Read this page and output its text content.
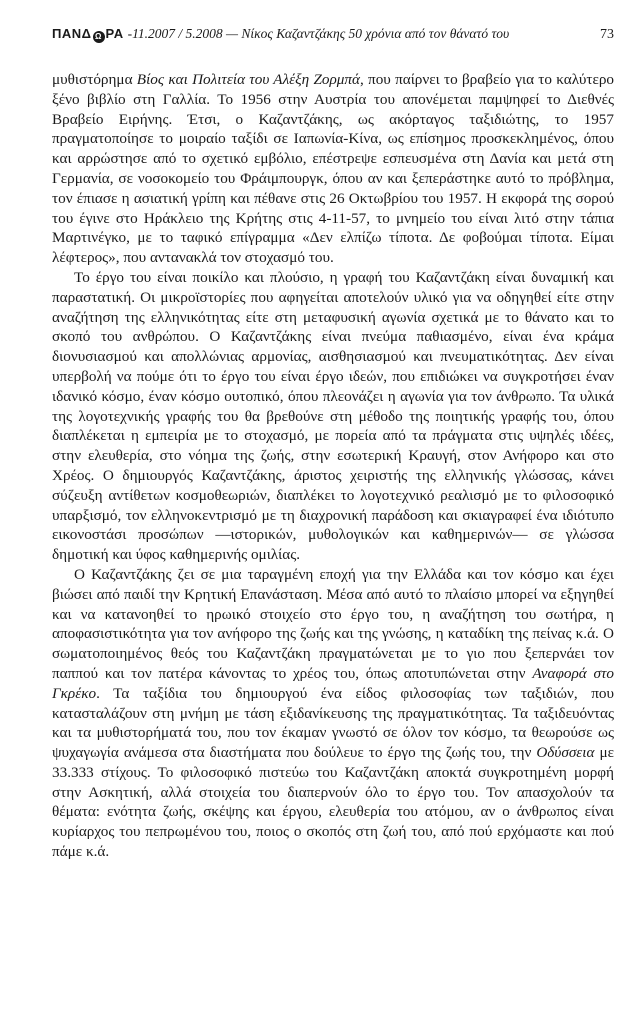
ΠΑΝΔ Ω ΡΑ -11.2007 / 5.2008 — Νίκος Καζαντζάκης 50 χρόνια από τον θάνατό του	73

μυθιστόρημα Βίος και Πολιτεία του Αλέξη Ζορμπά, που παίρνει το βραβείο για το καλύτερο ξένο βιβλίο στη Γαλλία. Το 1956 στην Αυστρία του απονέμεται παμψηφεί το Διεθνές Βραβείο Ειρήνης. Έτσι, ο Καζαντζάκης, ως ακόρταγος ταξιδιώτης, το 1957 πραγματοποίησε το μοιραίο ταξίδι σε Ιαπωνία-Κίνα, ως επίσημος προσκεκλημένος, όπου και αρρώστησε από το σχετικό εμβόλιο, επέστρεψε εσπευσμένα στη Δανία και μετά στη Γερμανία, σε νοσοκομείο του Φράιμπουργκ, όπου αν και ξεπεράστηκε αυτό το πρόβλημα, τον έπιασε η ασιατική γρίπη και πέθανε στις 26 Οκτωβρίου του 1957. Η εκφορά της σορού του έγινε στο Ηράκλειο της Κρήτης στις 4-11-57, το μνημείο του είναι λιτό στην τάπια Μαρτινέγκο, με το ταφικό επίγραμμα «Δεν ελπίζω τίποτα. Δε φοβούμαι τίποτα. Είμαι λέφτερος», που αντανακλά τον στοχασμό του.

Το έργο του είναι ποικίλο και πλούσιο, η γραφή του Καζαντζάκη είναι δυναμική και παραστατική. Οι μικροϊστορίες που αφηγείται αποτελούν υλικό για να οδηγηθεί είτε στην αναζήτηση της ελληνικότητας είτε στη μεταφυσική αγωνία σχετικά με το θάνατο και το σκοπό του ανθρώπου. Ο Καζαντζάκης είναι πνεύμα παθιασμένο, είναι ένα κράμα διονυσιασμού και απολλώνιας αρμονίας, αισθησιασμού και πνευματικότητας. Δεν είναι υπερβολή να πούμε ότι το έργο του είναι έργο ιδεών, που επιδιώκει να συγκροτήσει έναν ιδανικό κόσμο, έναν κόσμο ουτοπικό, όπου πλεονάζει η αγωνία για τον άνθρωπο. Τα υλικά της λογοτεχνικής γραφής του θα βρεθούνε στη μέθοδο της ποιητικής γραφής του, όπου διαπλέκεται η εμπειρία με το στοχασμό, με πορεία από τα πράγματα στις υψηλές ιδέες, στην ελευθερία, στο νόημα της ζωής, στην εσωτερική Κραυγή, στον Ανήφορο και στο Χρέος. Ο δημιουργός Καζαντζάκης, άριστος χειριστής της ελληνικής γλώσσας, κάνει σύζευξη αντίθετων κοσμοθεωριών, διαπλέκει το λογοτεχνικό ρεαλισμό με το φιλοσοφικό υπαρξισμό, τον ελληνοκεντρισμό με τη διαχρονική παράδοση και σκιαγραφεί ένα ιδιότυπο εικονοστάσι προσώπων —ιστορικών, μυθολογικών και καθημερινών— σε γλώσσα δημοτική και ύφος καθημερινής ομιλίας.

Ο Καζαντζάκης ζει σε μια ταραγμένη εποχή για την Ελλάδα και τον κόσμο και έχει βιώσει από παιδί την Κρητική Επανάσταση. Μέσα από αυτό το πλαίσιο μπορεί να εξηγηθεί και να κατανοηθεί το ηρωικό στοιχείο στο έργο του, η αναζήτηση του σωτήρα, η αποφασιστικότητα για τον ανήφορο της ζωής και της γνώσης, η καταδίκη της πείνας κ.ά. Ο σωματοποιημένος θεός του Καζαντζάκη πραγματώνεται με το γιο που ξεπερνάει τον παππού και τον πατέρα κάνοντας το χρέος του, όπως αποτυπώνεται στην Αναφορά στο Γκρέκο. Τα ταξίδια του δημιουργού ένα είδος φιλοσοφίας των ταξιδιών, που κατασταλάζουν στη μνήμη με τάση εξιδανίκευσης της πραγματικότητας. Τα ταξιδευόντας και τα μυθιστορήματά του, που τον έκαμαν γνωστό σε όλον τον κόσμο, τα θεωρούσε ως ψυχαγωγία ανάμεσα στα διαστήματα που δούλευε το έργο της ζωής του, την Οδύσσεια με 33.333 στίχους. Το φιλοσοφικό πιστεύω του Καζαντζάκη αποκτά συγκροτημένη μορφή στην Ασκητική, αλλά στοιχεία του διαπερνούν όλο το έργο του. Τον απασχολούν τα θέματα: ενότητα ζωής, σκέψης και έργου, ελευθερία του ατόμου, αν ο άνθρωπος είναι κυρίαρχος του πεπρωμένου του, ποιος ο σκοπός στη ζωή του, από πού ερχόμαστε και πού πάμε κ.ά.
